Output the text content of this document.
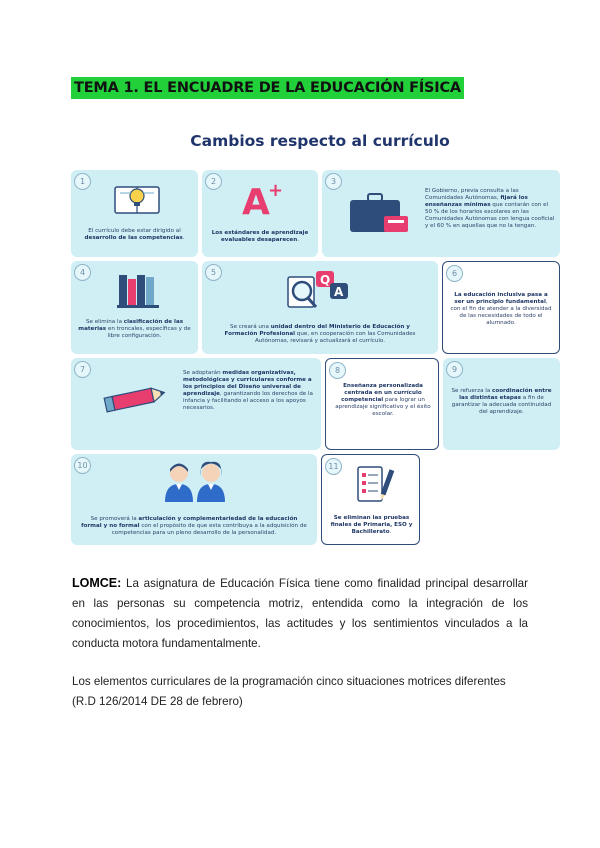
TEMA 1. EL ENCUADRE DE LA EDUCACIÓN FÍSICA
Cambios respecto al currículo
1
El currículo debe estar dirigido al desarrollo de las competencias.
2
A
+
Los estándares de aprendizaje evaluables desaparecen.
3
El Gobierno, previa consulta a las Comunidades Autónomas, fijará los enseñanzas mínimas que contarán con el 50 % de los horarios escolares en las Comunidades Autónomas con lengua cooficial y el 60 % en aquellas que no la tengan.
4
Se elimina la clasificación de las materias en troncales, específicas y de libre configuración.
5
Q
A
Se creará una unidad dentro del Ministerio de Educación y Formación Profesional que, en cooperación con las Comunidades Autónomas, revisará y actualizará el currículo.
6
La educación inclusiva pasa a ser un principio fundamental, con el fin de atender a la diversidad de las necesidades de todo el alumnado.
7	Se adoptarán medidas organizativas, metodológicas y curriculares conforme a los principios del Diseño universal de aprendizaje, garantizando los derechos de la infancia y facilitando el acceso a los apoyos necesarios.
8
Enseñanza personalizada centrada en un currículo competencial para lograr un aprendizaje significativo y el éxito escolar.
9
Se refuerza la coordinación entre las distintas etapas a fin de garantizar la adecuada continuidad del aprendizaje.
10
Se promoverá la articulación y complementariedad de la educación formal y no formal con el propósito de que esta contribuya a la adquisición de competencias para un pleno desarrollo de la personalidad.
11
Se eliminan las pruebas finales de Primaria, ESO y Bachillerato.
LOMCE: La asignatura de Educación Física tiene como finalidad principal desarrollar en las personas su competencia motriz, entendida como la integración de los conocimientos, los procedimientos, las actitudes y los sentimientos vinculados a la conducta motora fundamentalmente.
Los elementos curriculares de la programación cinco situaciones motrices diferentes (R.D 126/2014 DE 28 de febrero)
